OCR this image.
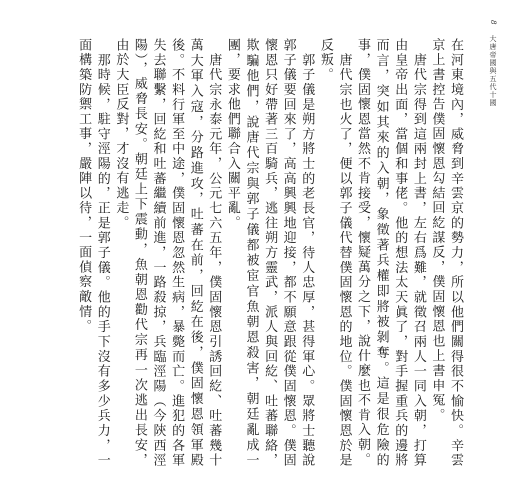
8 大唐帝國與五代十國

在河東境內，威脅到辛雲京的勢力，所以他們關得很不愉快。辛雲京上書控告僕固懷恩勾結回紇謀反，僕固懷恩也上書申冤。

　唐代宗得到這兩封上書，左右爲難，就徵召兩人一同入朝，打算由皇帝出面，當個和事佬。他的想法太天眞了，對手握重兵的邊將而言，突如其來的入朝，象徵著兵權即將被剝奪。這是很危險的事，僕固懷恩當然不肯接受，懷疑萬分之下，說什麼也不肯入朝。

　唐代宗也火了，便以郭子儀代替僕固懷恩的地位。僕固懷恩於是反叛。

　郭子儀是朔方將士的老長官，待人忠厚，甚得軍心。眾將士聽說郭子儀要回來了，高高興興地迎接，都不願意跟從僕固懷恩。僕固懷恩只好帶著三百騎兵，逃往朔方靈武，派人與回紇、吐蕃聯絡，欺騙他們，說唐代宗與郭子儀都被宦官魚朝恩殺害，朝廷亂成一團，要求他們聯合入關平亂。

　唐代宗永泰元年，公元七六五年，僕固懷恩引誘回紇、吐蕃幾十萬大軍入寇，分路進攻，吐蕃在前，回紇在後，僕固懷恩領軍殿後。不料行軍至中途，僕固懷恩忽然生病，暴斃而亡。進犯的各軍失去聯繫，回紇和吐蕃繼續前進，一路殺掠，兵臨涇陽（今陝西涇陽），威脅長安。朝廷上下震動，魚朝恩勸代宗再一次逃出長安，由於大臣反對，才沒有逃走。

　那時候，駐守涇陽的，正是郭子儀。他的手下沒有多少兵力，一面構築防禦工事，嚴陣以待，一面偵察敵情。
